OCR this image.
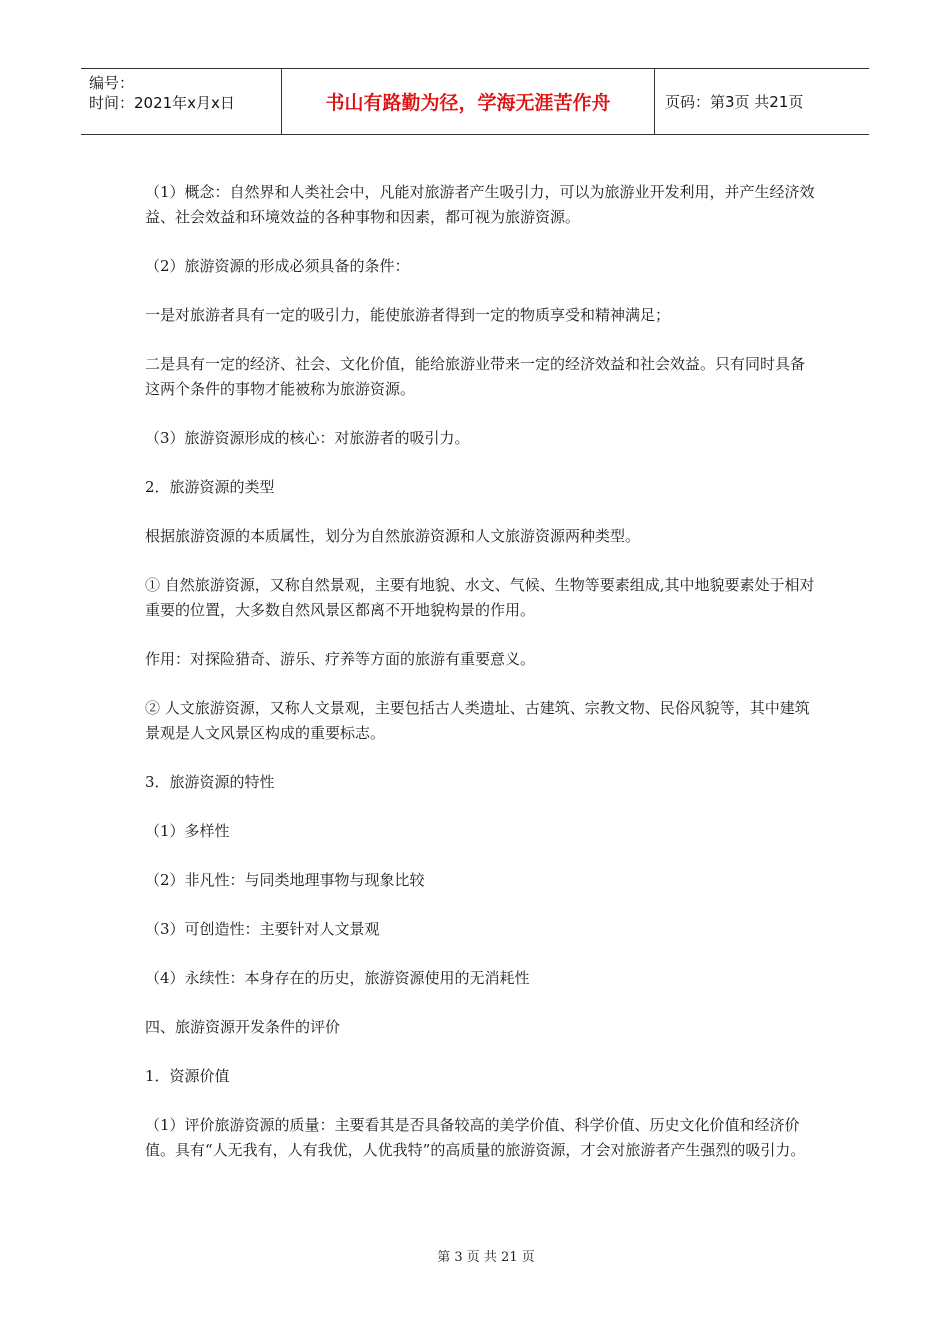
编号：
时间：2021年x月x日	书山有路勤为径，学海无涯苦作舟	页码：第3页 共21页

（1）概念：自然界和人类社会中，凡能对旅游者产生吸引力，可以为旅游业开发利用，并产生经济效益、社会效益和环境效益的各种事物和因素，都可视为旅游资源。

（2）旅游资源的形成必须具备的条件：

一是对旅游者具有一定的吸引力，能使旅游者得到一定的物质享受和精神满足；

二是具有一定的经济、社会、文化价值，能给旅游业带来一定的经济效益和社会效益。只有同时具备这两个条件的事物才能被称为旅游资源。

（3）旅游资源形成的核心：对旅游者的吸引力。

2．旅游资源的类型

根据旅游资源的本质属性，划分为自然旅游资源和人文旅游资源两种类型。

① 自然旅游资源，又称自然景观，主要有地貌、水文、气候、生物等要素组成,其中地貌要素处于相对重要的位置，大多数自然风景区都离不开地貌构景的作用。

作用：对探险猎奇、游乐、疗养等方面的旅游有重要意义。

② 人文旅游资源，又称人文景观，主要包括古人类遗址、古建筑、宗教文物、民俗风貌等，其中建筑景观是人文风景区构成的重要标志。

3．旅游资源的特性

（1）多样性

（2）非凡性：与同类地理事物与现象比较

（3）可创造性：主要针对人文景观

（4）永续性：本身存在的历史，旅游资源使用的无消耗性

四、旅游资源开发条件的评价

1．资源价值

（1）评价旅游资源的质量：主要看其是否具备较高的美学价值、科学价值、历史文化价值和经济价值。具有“人无我有，人有我优，人优我特”的高质量的旅游资源，才会对旅游者产生强烈的吸引力。

第 3 页 共 21 页
